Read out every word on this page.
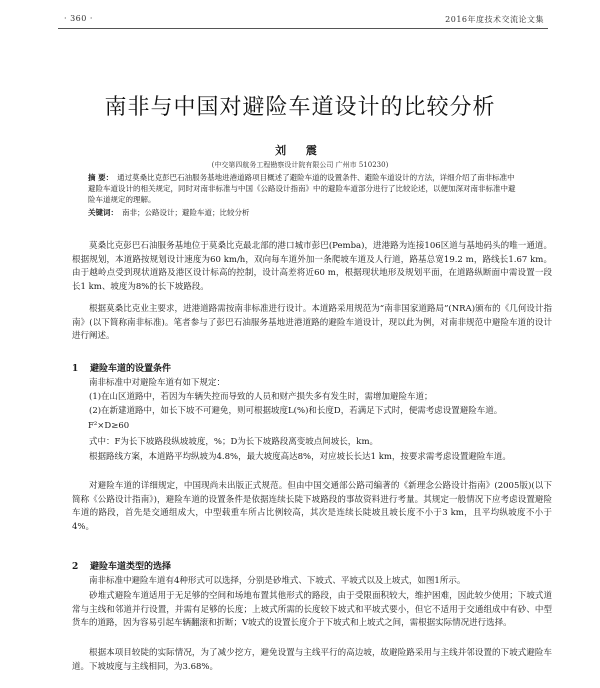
· 360 ·	2016年度技术交流论文集
南非与中国对避险车道设计的比较分析
刘 震
(中交第四航务工程勘察设计院有限公司 广州市 510230)
摘 要： 通过莫桑比克彭巴石油服务基地进港道路项目概述了避险车道的设置条件、避险车道设计的方法，详细介绍了南非标准中避险车道设计的相关规定，同时对南非标准与中国《公路设计指南》中的避险车道部分进行了比较论述，以便加深对南非标准中避险车道规定的理解。
关键词： 南非；公路设计；避险车道；比较分析
莫桑比克彭巴石油服务基地位于莫桑比克最北部的港口城市彭巴(Pemba)，进港路为连接106区道与基地码头的唯一通道。根据规划，本道路按规划设计速度为60 km/h，双向每车道外加一条爬坡车道及人行道，路基总宽19.2 m，路线长1.67 km。由于越岭点受到现状道路及港区设计标高的控制，设计高差将近60 m，根据现状地形及规划平面，在道路纵断面中需设置一段长1 km、坡度为8%的长下坡路段。
根据莫桑比克业主要求，进港道路需按南非标准进行设计。本道路采用规范为“南非国家道路局”(NRA)颁布的《几何设计指南》(以下简称南非标准)。笔者参与了彭巴石油服务基地进港道路的避险车道设计，现以此为例，对南非规范中避险车道的设计进行阐述。
1 避险车道的设置条件
南非标准中对避险车道有如下规定：
(1)在山区道路中，若因为车辆失控而导致的人员和财产损失多有发生时，需增加避险车道；
(2)在新建道路中，如长下坡不可避免，则可根据坡度L(%)和长度D，若满足下式时，便需考虑设置避险车道。
F²×D≥60
式中：F为长下坡路段纵坡坡度，%；D为长下坡路段离变坡点间坡长，km。
根据路线方案，本道路平均纵坡为4.8%，最大坡度高达8%，对应坡长长达1 km，按要求需考虑设置避险车道。
对避险车道的详细规定，中国现尚未出版正式规范。但由中国交通部公路司编著的《新理念公路设计指南》(2005版)(以下简称《公路设计指南》)，避险车道的设置条件是依据连续长陡下坡路段的事故资料进行考量。其规定一般情况下应考虑设置避险车道的路段，首先是交通组成大，中型载重车所占比例较高，其次是连续长陡坡且坡长度不小于3 km，且平均纵坡度不小于4%。
2 避险车道类型的选择
南非标准中避险车道有4种形式可以选择，分别是砂堆式、下坡式、平坡式以及上坡式，如图1所示。
砂堆式避险车道适用于无足够的空间和场地布置其他形式的路段，由于受限面积较大，维护困难，因此较少使用；下坡式道常与主线和邻道并行设置，并需有足够的长度；上坡式所需的长度较下坡式和平坡式要小，但它不适用于交通组成中有砂、中型货车的道路，因为容易引起车辆翻滚和折断；V坡式的设置长度介于下坡式和上坡式之间，需根据实际情况进行选择。
根据本项目较陡的实际情况，为了减少挖方，避免设置与主线平行的高边坡，故避险路采用与主线并邻设置的下坡式避险车道。下坡坡度与主线相同，为3.68%。
